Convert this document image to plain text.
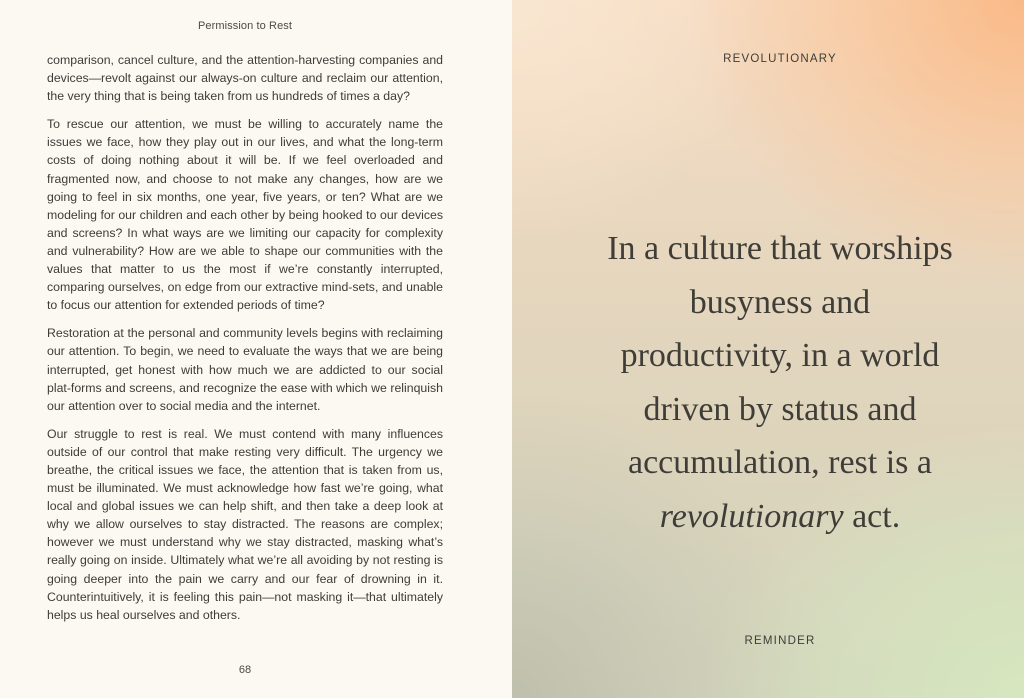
Permission to Rest

comparison, cancel culture, and the attention-harvesting companies and devices—revolt against our always-on culture and reclaim our attention, the very thing that is being taken from us hundreds of times a day?

To rescue our attention, we must be willing to accurately name the issues we face, how they play out in our lives, and what the long-term costs of doing nothing about it will be. If we feel overloaded and fragmented now, and choose to not make any changes, how are we going to feel in six months, one year, five years, or ten? What are we modeling for our children and each other by being hooked to our devices and screens? In what ways are we limiting our capacity for complexity and vulnerability? How are we able to shape our communities with the values that matter to us the most if we’re constantly interrupted, comparing ourselves, on edge from our extractive mind-sets, and unable to focus our attention for extended periods of time?

Restoration at the personal and community levels begins with reclaiming our attention. To begin, we need to evaluate the ways that we are being interrupted, get honest with how much we are addicted to our social plat-forms and screens, and recognize the ease with which we relinquish our attention over to social media and the internet.

Our struggle to rest is real. We must contend with many influences outside of our control that make resting very difficult. The urgency we breathe, the critical issues we face, the attention that is taken from us, must be illuminated. We must acknowledge how fast we’re going, what local and global issues we can help shift, and then take a deep look at why we allow ourselves to stay distracted. The reasons are complex; however we must understand why we stay distracted, masking what’s really going on inside. Ultimately what we’re all avoiding by not resting is going deeper into the pain we carry and our fear of drowning in it. Counterintuitively, it is feeling this pain—not masking it—that ultimately helps us heal ourselves and others.

68
REVOLUTIONARY
In a culture that worships busyness and productivity, in a world driven by status and accumulation, rest is a revolutionary act.
REMINDER
